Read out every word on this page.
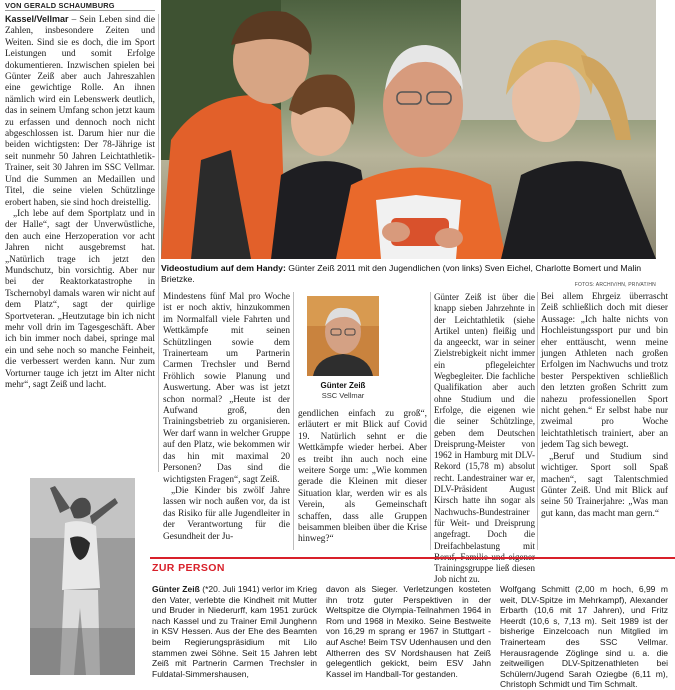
VON GERALD SCHAUMBURG

Kassel/Vellmar – Sein Leben sind die Zahlen, insbesondere Zeiten und Weiten. Sind sie es doch, die im Sport Leistungen und somit Erfolge dokumentieren. Inzwischen spielen bei Günter Zeiß aber auch Jahreszahlen eine gewichtige Rolle. An ihnen nämlich wird ein Lebenswerk deutlich, das in seinem Umfang schon jetzt kaum zu erfassen und dennoch noch nicht abgeschlossen ist. Darum hier nur die beiden wichtigsten: Der 78-Jährige ist seit nunmehr 50 Jahren Leichtathletik-Trainer, seit 30 Jahren im SSC Vellmar. Und die Summen an Medaillen und Titel, die seine vielen Schützlinge erobert haben, sie sind hoch dreistellig.

„Ich lebe auf dem Sportplatz und in der Halle“, sagt der Unverwüstliche, den auch eine Herzoperation vor acht Jahren nicht ausgebremst hat. „Natürlich trage ich jetzt den Mundschutz, bin vorsichtig. Aber nur bei der Reaktorkatastrophe in Tschernobyl damals waren wir nicht auf dem Platz“, sagt der quirlige Sportveteran. „Heutzutage bin ich nicht mehr voll drin im Tagesgeschäft. Aber ich bin immer noch dabei, springe mal ein und sehe noch so manche Feinheit, die verbessert werden kann. Nur zum Vorturner tauge ich jetzt im Alter nicht mehr“, sagt Zeiß und lacht.

Videostudium auf dem Handy: Günter Zeiß 2011 mit den Jugendlichen (von links) Sven Eichel, Charlotte Bomert und Malin Brietzke.
FOTOS: ARCHIV/HN, PRIVAT/HN

Mindestens fünf Mal pro Woche ist er noch aktiv, hinzukommen im Normalfall viele Fahrten und Wettkämpfe mit seinen Schützlingen sowie dem Trainerteam um Partnerin Carmen Trechsler und Bernd Fröhlich sowie Planung und Auswertung. Aber was ist jetzt schon normal? „Heute ist der Aufwand groß, den Trainingsbetrieb zu organisieren. Wer darf wann in welcher Gruppe auf den Platz, wie bekommen wir das hin mit maximal 20 Personen? Das sind die wichtigsten Fragen“, sagt Zeiß.

„Die Kinder bis zwölf Jahre lassen wir noch außen vor, da ist das Risiko für alle Jugendleiter in der Verantwortung für die Gesundheit der Ju-

Günter Zeiß
SSC Vellmar

gendlichen einfach zu groß“, erläutert er mit Blick auf Covid 19. Natürlich sehnt er die Wettkämpfe wieder herbei. Aber es treibt ihn auch noch eine weitere Sorge um: „Wie kommen gerade die Kleinen mit dieser Situation klar, werden wir es als Verein, als Gemeinschaft schaffen, dass alle Gruppen beisammen bleiben über die Krise hinweg?“

Günter Zeiß ist über die knapp sieben Jahrzehnte in der Leichtathletik (siehe Artikel unten) fleißig und da angeeckt, war in seiner Zielstrebigkeit nicht immer ein pflegeleichter Wegbegleiter. Die fachliche Qualifikation aber auch ohne Studium und die Erfolge, die eigenen wie die seiner Schützlinge, geben dem Deutschen Dreisprung-Meister von 1962 in Hamburg mit DLV-Rekord (15,78 m) absolut recht. Landestrainer war er, DLV-Präsident August Kirsch hatte ihn sogar als Nachwuchs-Bundestrainer für Weit- und Dreisprung angefragt. Doch die Dreifachbelastung mit Trainingsgruppe ließ diesen Job nicht zu.

Bei allem Ehrgeiz überrascht Zeiß schließlich doch mit dieser Aussage: „Ich halte nichts von Hochleistungssport pur und bin eher enttäuscht, wenn meine jungen Athleten nach großen Erfolgen im Nachwuchs und trotz bester Perspektiven schließlich den letzten großen Schritt zum nahezu professionellen Sport nicht gehen.“ Er selbst habe nur zweimal pro Woche leichtathletisch trainiert, aber an jedem Tag sich bewegt.

„Beruf und Studium sind wichtiger. Sport soll Spaß machen“, sagt Talentschmied Günter Zeiß. Und mit Blick auf seine 50 Trainerjahre: „Was man gut kann, das macht man gern.“

ZUR PERSON

Günter Zeiß (*20. Juli 1941) verlor im Krieg den Vater, verlebte die Kindheit mit Mutter und Bruder in Niederurff, kam 1951 zurück nach Kassel und zu Trainer Emil Junghenn in KSV Hessen. Aus der Ehe des Beamten beim Regierungspräsidium mit Lilo stammen zwei Söhne. Seit 15 Jahren lebt Zeiß mit Partnerin Carmen Trechsler in Fuldatal-Simmershausen,

davon als Sieger. Verletzungen kosteten ihn trotz guter Perspektiven in der Weltspitze die Olympia-Teilnahmen 1964 in Rom und 1968 in Mexiko. Seine Bestweite von 16,29 m sprang er 1967 in Stuttgart - auf Asche! Beim TSV Udenhausen und den Altherren des SV Nordshausen hat Zeiß gelegentlich gekickt, beim ESV Jahn Kassel im Handball-Tor gestanden.

Wolfgang Schmitt (2,00 m hoch, 6,99 m weit, DLV-Spitze im Mehrkampf), Alexander Erbarth (10,6 mit 17 Jahren), und Fritz Heerdt (10,6 s, 7,13 m). Seit 1989 ist der bisherige Einzelcoach nun Mitglied im Trainerteam des SSC Vellmar. Herausragende Zöglinge sind u. a. die zeitweiligen DLV-Spitzenathleten bei Schülern/Jugend Sarah Oziegbe (6,11 m), Christoph Schmidt und Tim Schmalt.
